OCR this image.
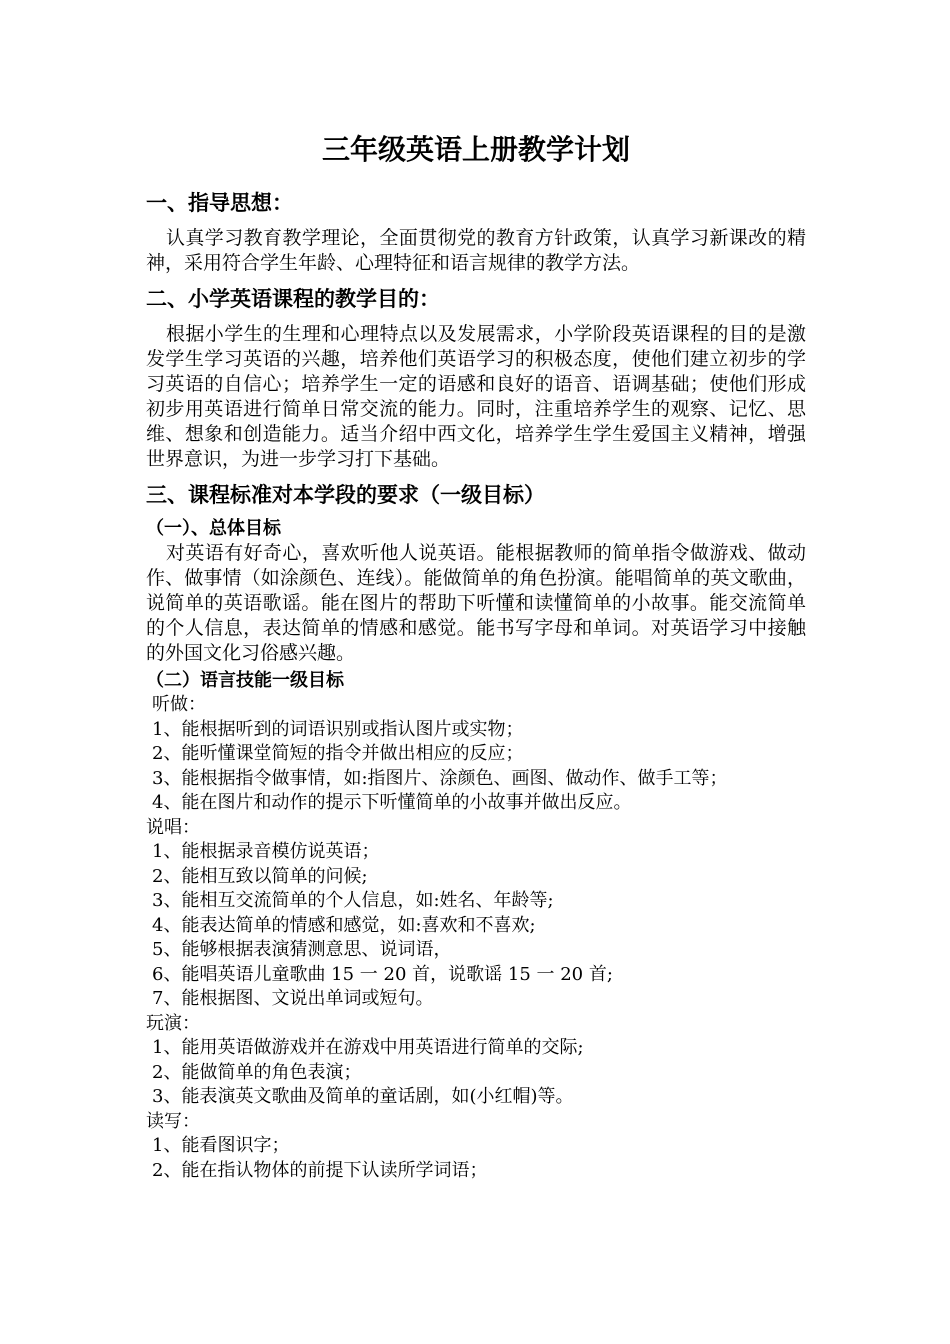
三年级英语上册教学计划
一、指导思想：

认真学习教育教学理论，全面贯彻党的教育方针政策，认真学习新课改的精神，采用符合学生年龄、心理特征和语言规律的教学方法。

二、小学英语课程的教学目的：

根据小学生的生理和心理特点以及发展需求，小学阶段英语课程的目的是激发学生学习英语的兴趣，培养他们英语学习的积极态度，使他们建立初步的学习英语的自信心；培养学生一定的语感和良好的语音、语调基础；使他们形成初步用英语进行简单日常交流的能力。同时，注重培养学生的观察、记忆、思维、想象和创造能力。适当介绍中西文化，培养学生学生爱国主义精神，增强世界意识，为进一步学习打下基础。

三、课程标准对本学段的要求（一级目标）
（一）、总体目标

对英语有好奇心，喜欢听他人说英语。能根据教师的简单指令做游戏、做动作、做事情（如涂颜色、连线）。能做简单的角色扮演。能唱简单的英文歌曲，说简单的英语歌谣。能在图片的帮助下听懂和读懂简单的小故事。能交流简单的个人信息，表达简单的情感和感觉。能书写字母和单词。对英语学习中接触的外国文化习俗感兴趣。

（二）语言技能一级目标
听做：
1、能根据听到的词语识别或指认图片或实物；
2、能听懂课堂简短的指令并做出相应的反应；
3、能根据指令做事情，如:指图片、涂颜色、画图、做动作、做手工等；
4、能在图片和动作的提示下听懂简单的小故事并做出反应。
说唱：
1、能根据录音模仿说英语；
2、能相互致以简单的问候;
3、能相互交流简单的个人信息，如:姓名、年龄等;
4、能表达简单的情感和感觉，如:喜欢和不喜欢;
5、能够根据表演猜测意思、说词语，
6、能唱英语儿童歌曲 15 一 20 首，说歌谣 15 一 20 首;
7、能根据图、文说出单词或短句。
玩演：
1、能用英语做游戏并在游戏中用英语进行简单的交际;
2、能做简单的角色表演；
3、能表演英文歌曲及简单的童话剧，如(小红帽)等。
读写：
1、能看图识字；
2、能在指认物体的前提下认读所学词语；
